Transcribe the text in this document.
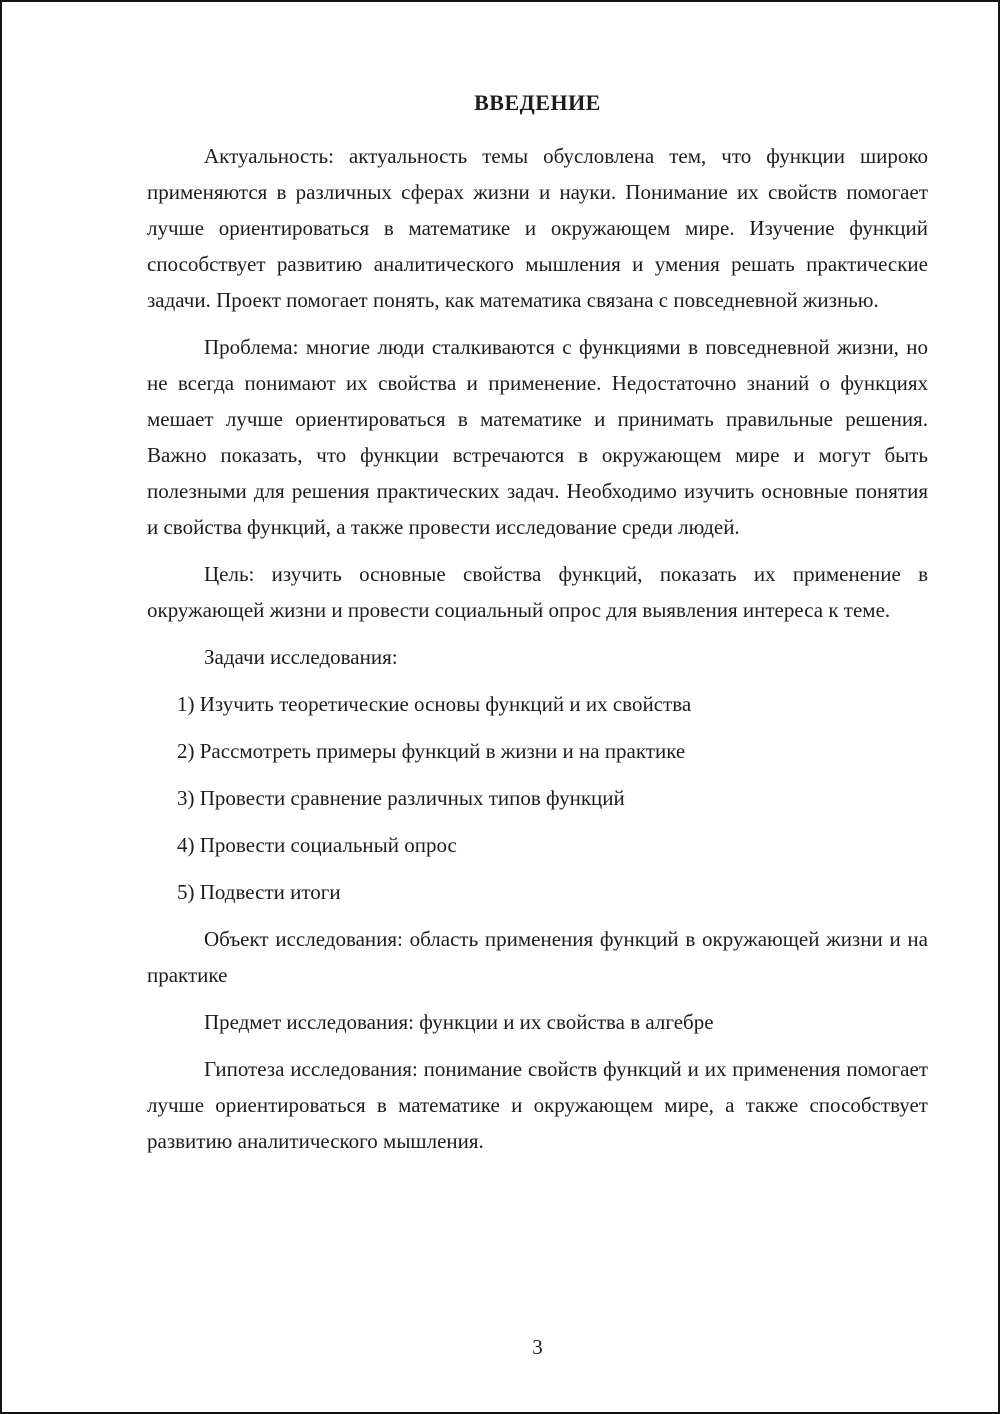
ВВЕДЕНИЕ

Актуальность: актуальность темы обусловлена тем, что функции широко применяются в различных сферах жизни и науки. Понимание их свойств помогает лучше ориентироваться в математике и окружающем мире. Изучение функций способствует развитию аналитического мышления и умения решать практические задачи. Проект помогает понять, как математика связана с повседневной жизнью.

Проблема: многие люди сталкиваются с функциями в повседневной жизни, но не всегда понимают их свойства и применение. Недостаточно знаний о функциях мешает лучше ориентироваться в математике и принимать правильные решения. Важно показать, что функции встречаются в окружающем мире и могут быть полезными для решения практических задач. Необходимо изучить основные понятия и свойства функций, а также провести исследование среди людей.

Цель: изучить основные свойства функций, показать их применение в окружающей жизни и провести социальный опрос для выявления интереса к теме.

Задачи исследования:

1) Изучить теоретические основы функций и их свойства

2) Рассмотреть примеры функций в жизни и на практике

3) Провести сравнение различных типов функций

4) Провести социальный опрос

5) Подвести итоги

Объект исследования: область применения функций в окружающей жизни и на практике

Предмет исследования: функции и их свойства в алгебре

Гипотеза исследования: понимание свойств функций и их применения помогает лучше ориентироваться в математике и окружающем мире, а также способствует развитию аналитического мышления.

3
